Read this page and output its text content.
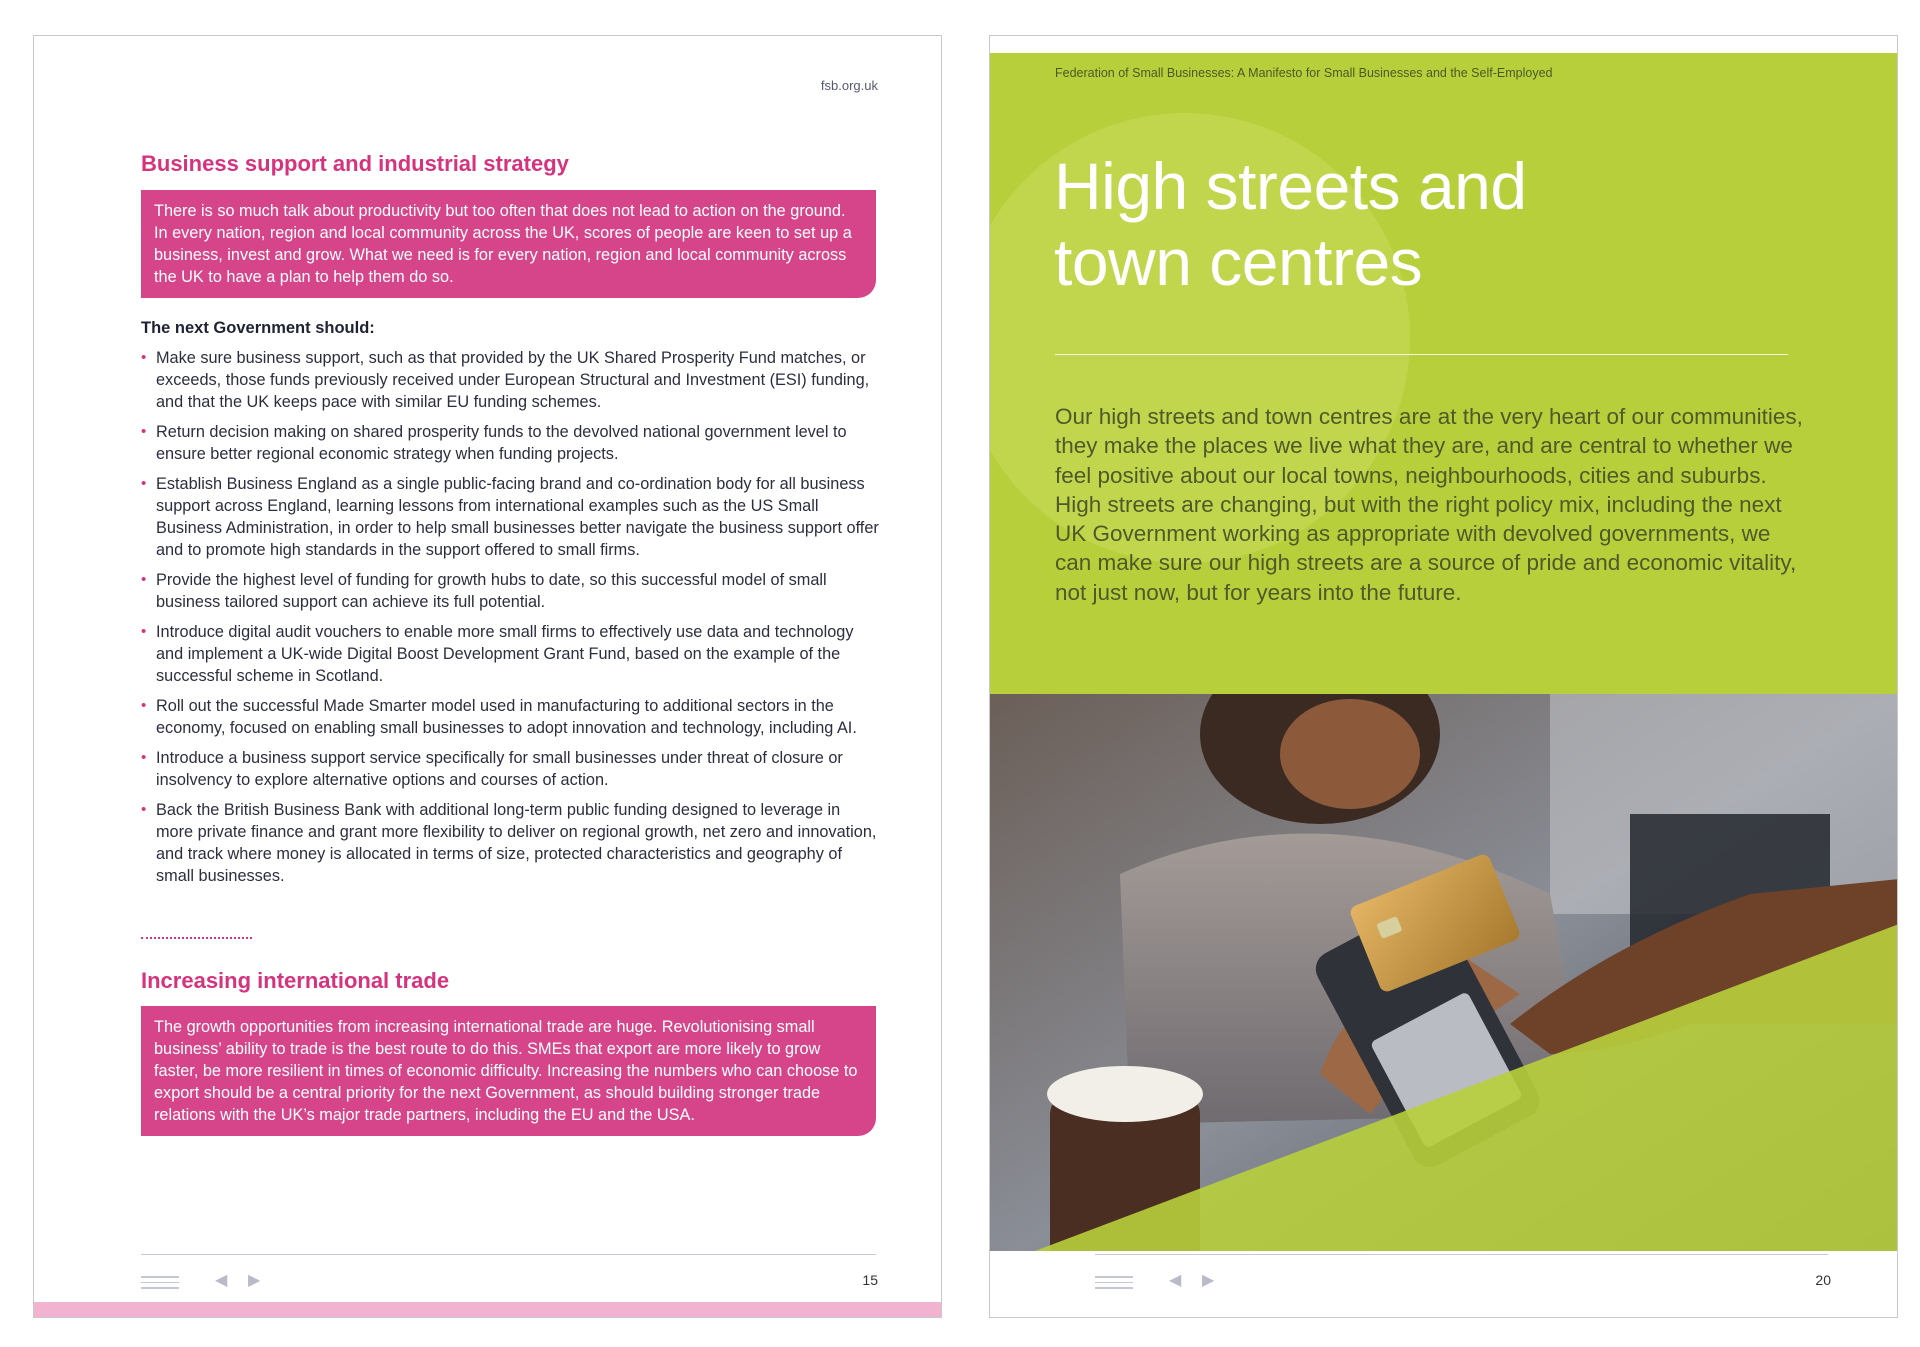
fsb.org.uk
Business support and industrial strategy
There is so much talk about productivity but too often that does not lead to action on the ground. In every nation, region and local community across the UK, scores of people are keen to set up a business, invest and grow. What we need is for every nation, region and local community across the UK to have a plan to help them do so.
The next Government should:
• Make sure business support, such as that provided by the UK Shared Prosperity Fund matches, or exceeds, those funds previously received under European Structural and Investment (ESI) funding, and that the UK keeps pace with similar EU funding schemes.
• Return decision making on shared prosperity funds to the devolved national government level to ensure better regional economic strategy when funding projects.
• Establish Business England as a single public-facing brand and co-ordination body for all business support across England, learning lessons from international examples such as the US Small Business Administration, in order to help small businesses better navigate the business support offer and to promote high standards in the support offered to small firms.
• Provide the highest level of funding for growth hubs to date, so this successful model of small business tailored support can achieve its full potential.
• Introduce digital audit vouchers to enable more small firms to effectively use data and technology and implement a UK-wide Digital Boost Development Grant Fund, based on the example of the successful scheme in Scotland.
• Roll out the successful Made Smarter model used in manufacturing to additional sectors in the economy, focused on enabling small businesses to adopt innovation and technology, including AI.
• Introduce a business support service specifically for small businesses under threat of closure or insolvency to explore alternative options and courses of action.
• Back the British Business Bank with additional long-term public funding designed to leverage in more private finance and grant more flexibility to deliver on regional growth, net zero and innovation, and track where money is allocated in terms of size, protected characteristics and geography of small businesses.
Increasing international trade
The growth opportunities from increasing international trade are huge. Revolutionising small business’ ability to trade is the best route to do this. SMEs that export are more likely to grow faster, be more resilient in times of economic difficulty. Increasing the numbers who can choose to export should be a central priority for the next Government, as should building stronger trade relations with the UK’s major trade partners, including the EU and the USA.
◀ ▶	15
Federation of Small Businesses: A Manifesto for Small Businesses and the Self-Employed
High streets and
town centres

Our high streets and town centres are at the very heart of our communities, they make the places we live what they are, and are central to whether we feel positive about our local towns, neighbourhoods, cities and suburbs. High streets are changing, but with the right policy mix, including the next UK Government working as appropriate with devolved governments, we can make sure our high streets are a source of pride and economic vitality, not just now, but for years into the future.

◀ ▶	20
